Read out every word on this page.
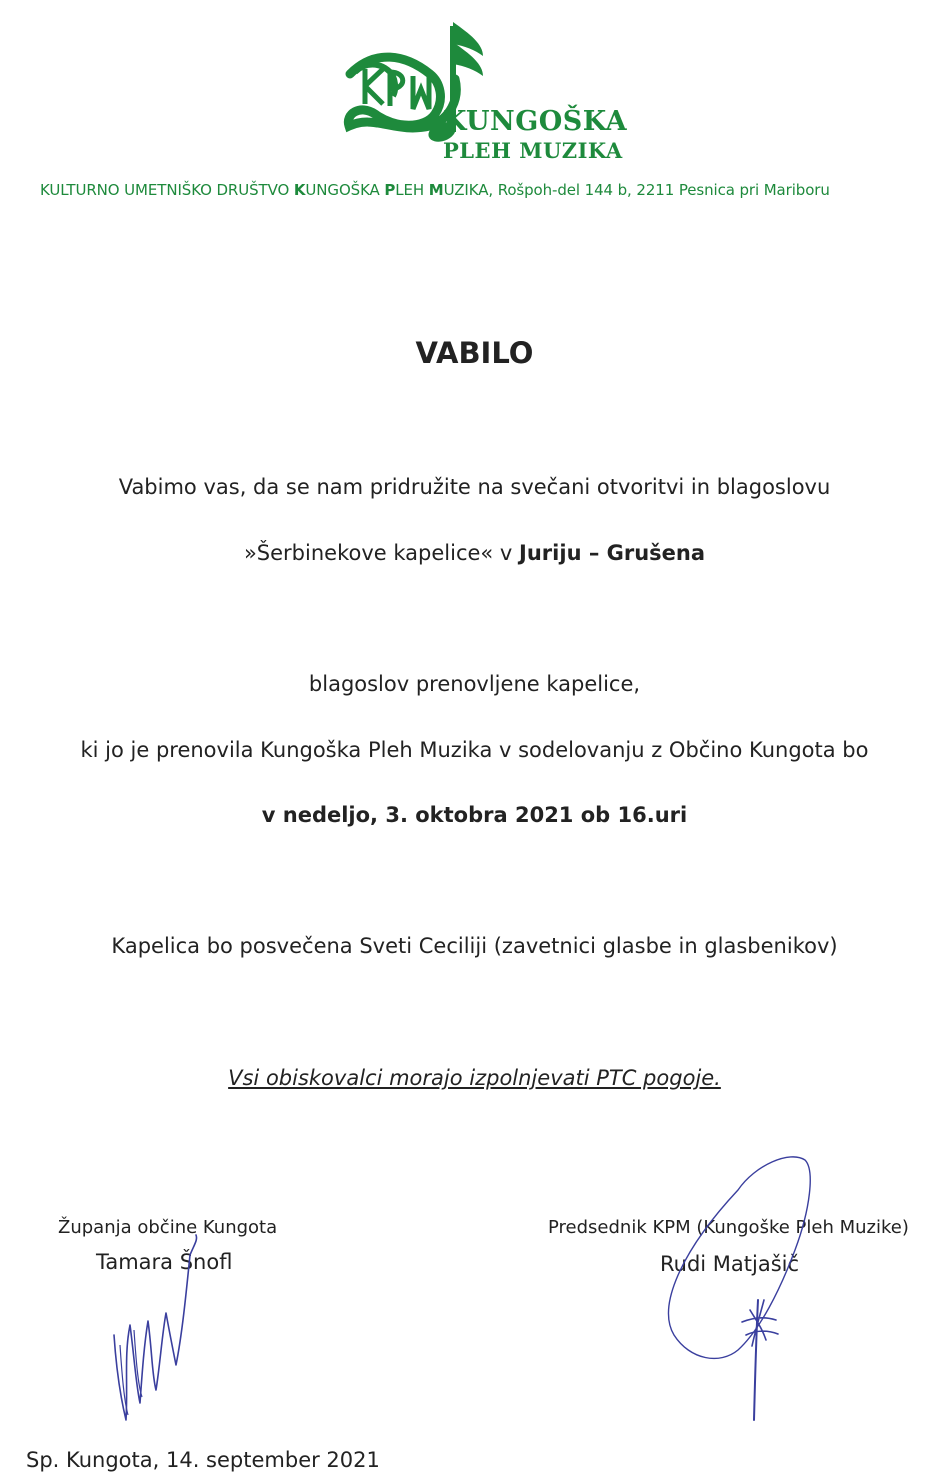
KUNGOŠKA
PLEH MUZIKA
KULTURNO UMETNIŠKO DRUŠTVO KUNGOŠKA PLEH MUZIKA, Rošpoh-del 144 b, 2211 Pesnica pri Mariboru
VABILO
Vabimo vas, da se nam pridružite na svečani otvoritvi in blagoslovu
»Šerbinekove kapelice« v Juriju – Grušena
blagoslov prenovljene kapelice,
ki jo je prenovila Kungoška Pleh Muzika v sodelovanju z Občino Kungota bo
v nedeljo, 3. oktobra 2021 ob 16.uri
Kapelica bo posvečena Sveti Ceciliji (zavetnici glasbe in glasbenikov)
Vsi obiskovalci morajo izpolnjevati PTC pogoje.
Županja občine Kungota
Tamara Šnofl
Predsednik KPM (Kungoške Pleh Muzike)
Rudi Matjašič
Sp. Kungota, 14. september 2021
